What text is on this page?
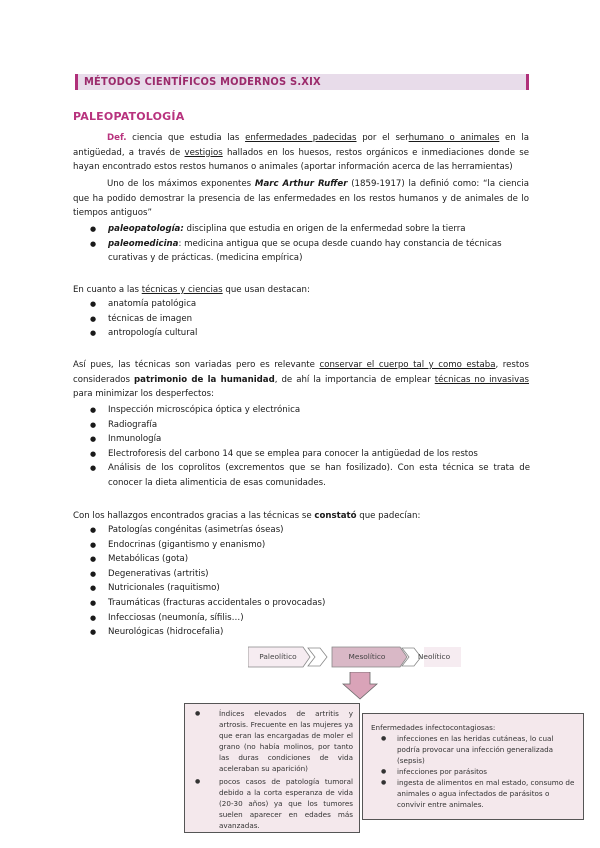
MÉTODOS CIENTÍFICOS MODERNOS S.XIX
PALEOPATOLOGÍA
Def. ciencia que estudia las enfermedades padecidas por el serhumano o animales en la antigüedad, a través de vestigios hallados en los huesos, restos orgánicos e inmediaciones donde se hayan encontrado estos restos humanos o animales (aportar información acerca de las herramientas)
Uno de los máximos exponentes Marc Arthur Ruffer (1859-1917) la definió como: “la ciencia que ha podido demostrar la presencia de las enfermedades en los restos humanos y de animales de lo tiempos antiguos”
● paleopatología: disciplina que estudia en origen de la enfermedad sobre la tierra
● paleomedicina: medicina antigua que se ocupa desde cuando hay constancia de técnicas curativas y de prácticas. (medicina empírica)
En cuanto a las técnicas y ciencias que usan destacan:
● anatomía patológica
● técnicas de imagen
● antropología cultural
Así pues, las técnicas son variadas pero es relevante conservar el cuerpo tal y como estaba, restos considerados patrimonio de la humanidad, de ahí la importancia de emplear técnicas no invasivas para minimizar los desperfectos:
● Inspección microscópica óptica y electrónica
● Radiografía
● Inmunología
● Electroforesis del carbono 14 que se emplea para conocer la antigüedad de los restos
● Análisis de los coprolitos (excrementos que se han fosilizado). Con esta técnica se trata de conocer la dieta alimenticia de esas comunidades.
Con los hallazgos encontrados gracias a las técnicas se constató que padecían:
● Patologías congénitas (asimetrías óseas)
● Endocrinas (gigantismo y enanismo)
● Metabólicas (gota)
● Degenerativas (artritis)
● Nutricionales (raquitismo)
● Traumáticas (fracturas accidentales o provocadas)
● Infecciosas (neumonía, sífilis…)
● Neurológicas (hidrocefalia)
Paleolítico	Mesolítico	Neolítico
●	Índices elevados de artritis y artrosis. Frecuente en las mujeres ya que eran las encargadas de moler el grano (no había molinos, por tanto las duras condiciones de vida aceleraban su aparición)
●	pocos casos de patología tumoral debido a la corta esperanza de vida (20-30 años) ya que los tumores suelen aparecer en edades más avanzadas.
Enfermedades infectocontagiosas:
● infecciones en las heridas cutáneas, lo cual podría provocar una infección generalizada (sepsis)
● infecciones por parásitos
● ingesta de alimentos en mal estado, consumo de animales o agua infectados de parásitos o convivir entre animales.
